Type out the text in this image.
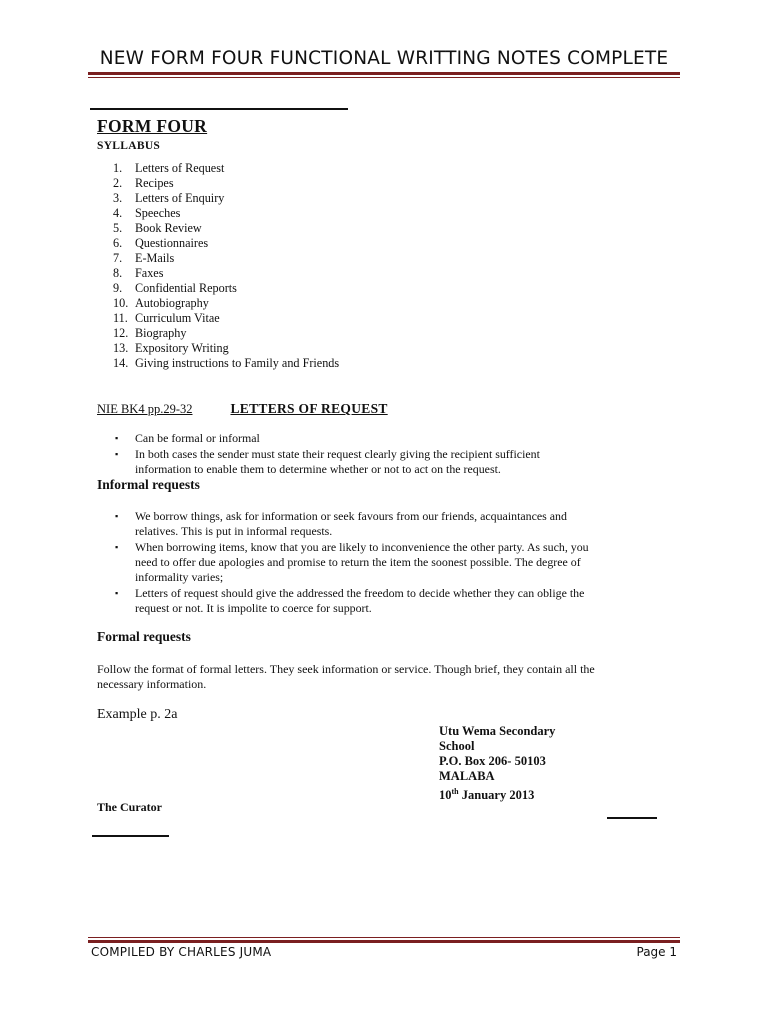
NEW FORM FOUR FUNCTIONAL WRITTING NOTES COMPLETE
FORM FOUR
SYLLABUS
1.	Letters of Request
2.	Recipes
3.	Letters of Enquiry
4.	Speeches
5.	Book Review
6.	Questionnaires
7.	E-Mails
8.	Faxes
9.	Confidential Reports
10. Autobiography
11. Curriculum Vitae
12. Biography
13. Expository Writing
14. Giving instructions to Family and Friends
NIE BK4 pp.29-32	LETTERS OF REQUEST
▪ Can be formal or informal
▪ In both cases the sender must state their request clearly giving the recipient sufficient information to enable them to determine whether or not to act on the request.
Informal requests
▪ We borrow things, ask for information or seek favours from our friends, acquaintances and relatives. This is put in informal requests.
▪ When borrowing items, know that you are likely to inconvenience the other party. As such, you need to offer due apologies and promise to return the item the soonest possible. The degree of informality varies;
▪ Letters of request should give the addressed the freedom to decide whether they can oblige the request or not. It is impolite to coerce for support.
Formal requests
Follow the format of formal letters. They seek information or service. Though brief, they contain all the necessary information.
Example p. 2a
Utu Wema Secondary
School
P.O. Box 206- 50103
MALABA
10th January 2013
The Curator
COMPILED BY CHARLES JUMA	Page 1
